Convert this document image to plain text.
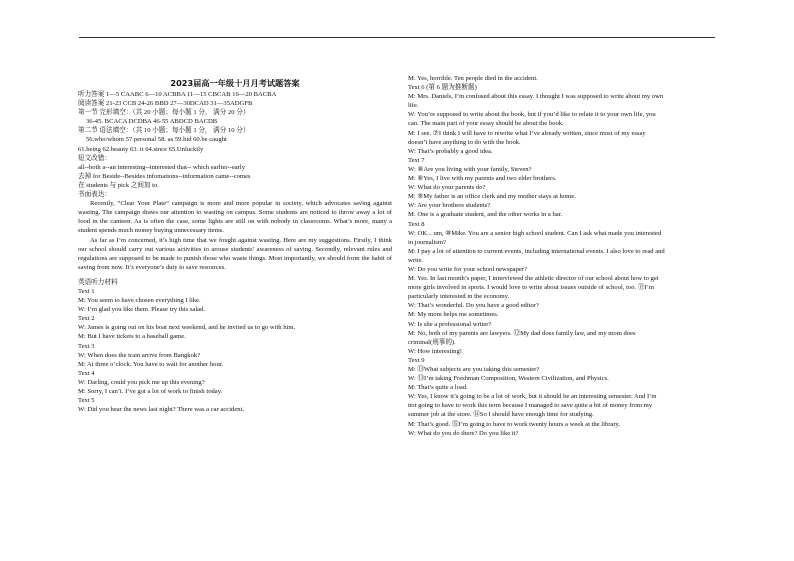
2023届高一年级十月月考试题答案
听力答案 1—5 CAABC 6—10 ACBBA 11—15 CBCAB 16—20 BACBA
阅读答案 21-23 CCB 24-26 BBD 27—30DCAD 31—35ADGFB
第一节 完形填空：（共 20 小题；每小题 1 分， 满分 20 分）
36-45. BCACA DCDBA 46-55 ABDCD BACDB
第二节 语法填空：（共 10 小题；每小题 1 分， 满分 10 分）
56.who/whom 57.personal 58. as 59.hid 60.be caught
61.being 62.beauty 63. it 64.since 65.Unluckily
短文改错：
all--both a--an interesting--interested that-- which earlier--early
去掉 for Beside--Besides infomations--information came--comes
在 students 与 pick 之间加 to
书面表达：
Recently, “Clear Your Plate” campaign is more and more popular in society, which advocates saving against wasting. The campaign draws our attention to wasting on campus. Some students are noticed to throw away a lot of food in the canteen. As is often the case, some lights are still on with nobody in classrooms. What’s more, many a student spends much money buying unnecessary items.
As far as I’m concerned, it’s high time that we fought against wasting. Here are my suggestions. Firstly, I think our school should carry out various activities to arouse students’ awareness of saving. Secondly, relevant rules and regulations are supposed to be made to punish those who waste things. Most importantly, we should form the habit of saving from now. It’s everyone’s duty to save resources.
英语听力材料
Text 1
M: You seem to have chosen everything I like.
W: I’m glad you like them. Please try this salad.
Text 2
W: James is going out on his boat next weekend, and he invited us to go with him.
M: But I have tickets to a baseball game.
Text 3
W: When does the train arrive from Bangkok?
M: At three o’clock. You have to wait for another hour.
Text 4
W: Darling, could you pick me up this evening?
M: Sorry, I can’t. I’ve got a lot of work to finish today.
Text 5
W: Did you hear the news last night? There was a car accident.
M: Yes, horrible. Ten people died in the accident.
Text 6 (第 6 题为推断题)
M: Mrs. Daniels, I’m confused about this essay. I thought I was supposed to write about my own
life.
W: You’re supposed to write about the book, but if you’d like to relate it to your own life, you
can. The main part of your essay should be about the book.
M: I see. ⑦I think I will have to rewrite what I’ve already written, since most of my essay
doesn’t have anything to do with the book.
W: That’s probably a good idea.
Text 7
W: ⑧Are you living with your family, Steven?
M: ⑧Yes, I live with my parents and two elder brothers.
W: What do your parents do?
M: ⑨My father is an office clerk and my mother stays at home.
W: Are your brothers students?
M: One is a graduate student, and the other works in a bar.
Text 8
W: OK... um, ⑩Mike. You are a senior high school student. Can I ask what made you interested
in journalism?
M: I pay a lot of attention to current events, including international events. I also love to read and
write.
W: Do you write for your school newspaper?
M: Yes. In last month’s paper, I interviewed the athletic director of our school about how to get
more girls involved in sports. I would love to write about issues outside of school, too. ⑪I’m
particularly interested in the economy.
W: That’s wonderful. Do you have a good editor?
M: My mom helps me sometimes.
W: Is she a professional writer?
M: No, both of my parents are lawyers. ⑫My dad does family law, and my mom does
criminal(刑事的).
W: How interesting!
Text 9
M: ⑬What subjects are you taking this semester?
W: ⑬I’m taking Freshman Composition, Western Civilization, and Physics.
M: That’s quite a load.
W: Yes, I know it’s going to be a lot of work, but it should be an interesting semester. And I’m
not going to have to work this term because I managed to save quite a bit of money from my
summer job at the store. ⑭So I should have enough time for studying.
M: That’s good. ⑮I’m going to have to work twenty hours a week at the library.
W: What do you do there? Do you like it?
